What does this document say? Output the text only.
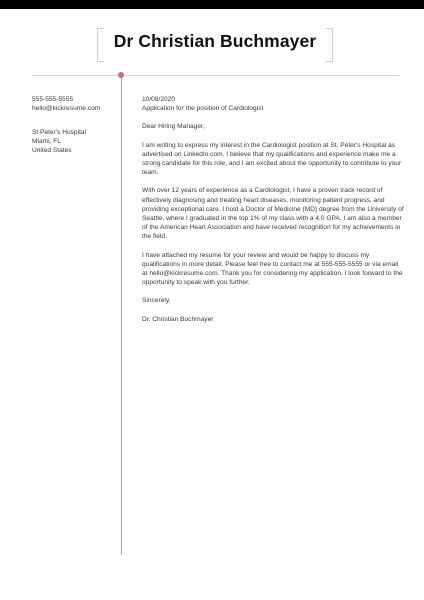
Dr Christian Buchmayer
555-555-5555
hello@kickresume.com
St Peter's Hospital
Miami, FL
United States

10/08/2020

Application for the position of Cardiologist

Dear Hiring Manager,

I am writing to express my interest in the Cardiologist position at St. Peter's Hospital as advertised on LinkedIn.com. I believe that my qualifications and experience make me a strong candidate for this role, and I am excited about the opportunity to contribute to your team.

With over 12 years of experience as a Cardiologist, I have a proven track record of effectively diagnosing and treating heart diseases, monitoring patient progress, and providing exceptional care. I hold a Doctor of Medicine (MD) degree from the University of Seattle, where I graduated in the top 1% of my class with a 4.0 GPA. I am also a member of the American Heart Association and have received recognition for my achievements in the field.

I have attached my resume for your review and would be happy to discuss my qualifications in more detail. Please feel free to contact me at 555-555-5555 or via email at hello@kickresume.com. Thank you for considering my application. I look forward to the opportunity to speak with you further.

Sincerely,

Dr. Christian Buchmayer
